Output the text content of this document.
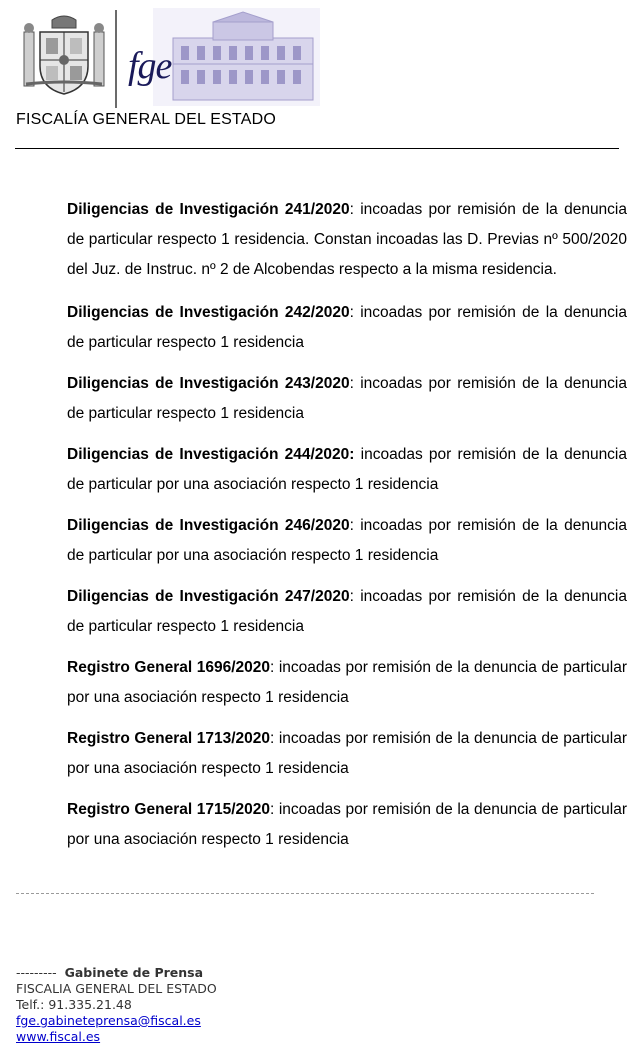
fge
FISCALÍA GENERAL DEL ESTADO

Diligencias de Investigación 241/2020: incoadas por remisión de la denuncia de particular respecto 1 residencia. Constan incoadas las D. Previas nº 500/2020 del Juz. de Instruc. nº 2 de Alcobendas respecto a la misma residencia.

Diligencias de Investigación 242/2020: incoadas por remisión de la denuncia de particular respecto 1 residencia

Diligencias de Investigación 243/2020: incoadas por remisión de la denuncia de particular respecto 1 residencia

Diligencias de Investigación 244/2020: incoadas por remisión de la denuncia de particular por una asociación respecto 1 residencia

Diligencias de Investigación 246/2020: incoadas por remisión de la denuncia de particular por una asociación respecto 1 residencia

Diligencias de Investigación 247/2020: incoadas por remisión de la denuncia de particular respecto 1 residencia

Registro General 1696/2020: incoadas por remisión de la denuncia de particular por una asociación respecto 1 residencia

Registro General 1713/2020: incoadas por remisión de la denuncia de particular por una asociación respecto 1 residencia

Registro General 1715/2020: incoadas por remisión de la denuncia de particular por una asociación respecto 1 residencia

--------- Gabinete de Prensa
FISCALIA GENERAL DEL ESTADO
Telf.: 91.335.21.48
fge.gabineteprensa@fiscal.es
www.fiscal.es
